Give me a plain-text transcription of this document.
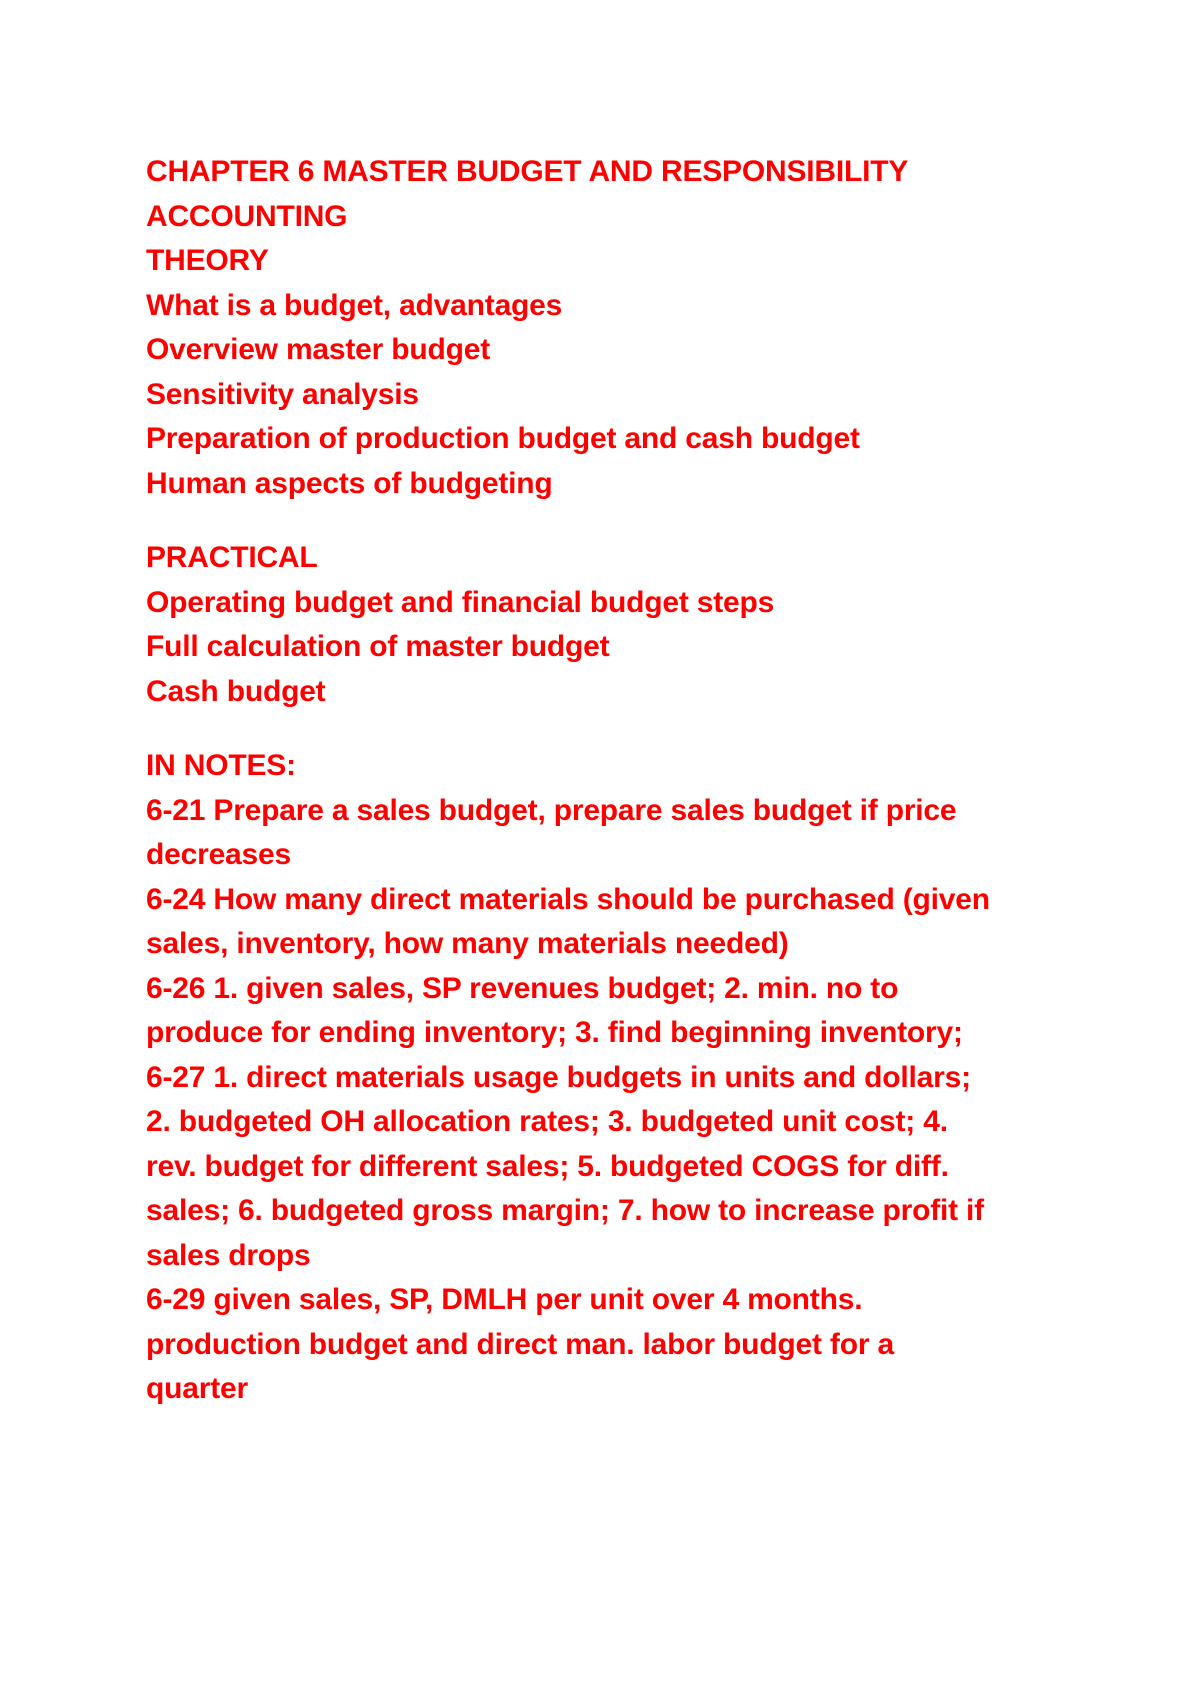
CHAPTER 6 MASTER BUDGET AND RESPONSIBILITY
ACCOUNTING
THEORY
What is a budget, advantages
Overview master budget
Sensitivity analysis
Preparation of production budget and cash budget
Human aspects of budgeting
PRACTICAL
Operating budget and financial budget steps
Full calculation of master budget
Cash budget
IN NOTES:
6-21 Prepare a sales budget, prepare sales budget if price
decreases
6-24 How many direct materials should be purchased (given
sales, inventory, how many materials needed)
6-26 1. given sales, SP revenues budget; 2. min. no to
produce for ending inventory; 3. find beginning inventory;
6-27 1. direct materials usage budgets in units and dollars;
2. budgeted OH allocation rates; 3. budgeted unit cost; 4.
rev. budget for different sales; 5. budgeted COGS for diff.
sales; 6. budgeted gross margin; 7. how to increase profit if
sales drops
6-29 given sales, SP, DMLH per unit over 4 months.
production budget and direct man. labor budget for a
quarter
